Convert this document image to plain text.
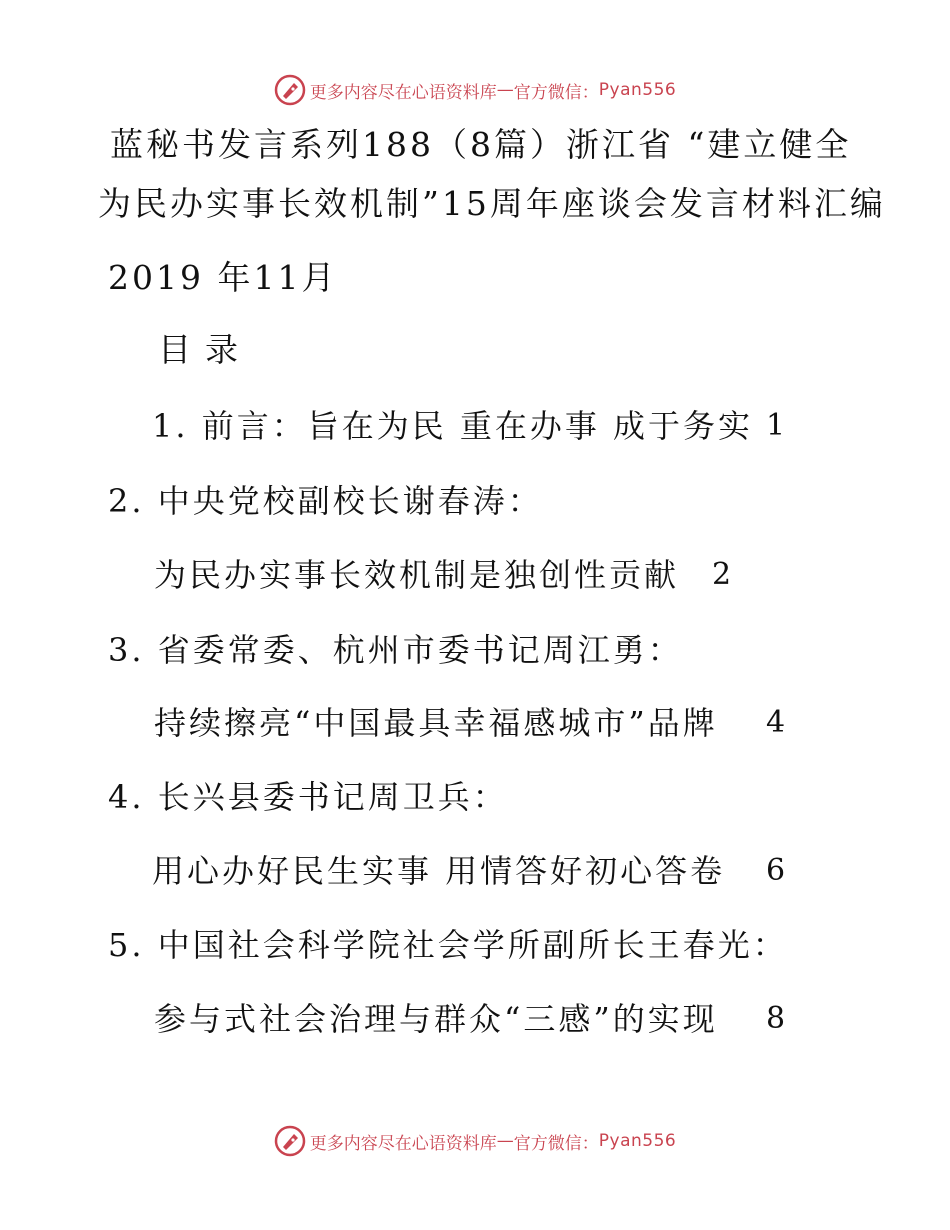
更多内容尽在心语资料库 — 官方微信： Pyan556
蓝秘书发言系列188（8篇）浙江省 “建立健全
为民办实事长效机制”15周年座谈会发言材料汇编
2019 年11月
目录
1. 前言：旨在为民 重在办事 成于务实 1
2. 中央党校副校长谢春涛：
为民办实事长效机制是独创性贡献 2
3. 省委常委、杭州市委书记周江勇：
持续擦亮“中国最具幸福感城市”品牌 4
4. 长兴县委书记周卫兵：
用心办好民生实事 用情答好初心答卷 6
5. 中国社会科学院社会学所副所长王春光：
参与式社会治理与群众“三感”的实现 8
更多内容尽在心语资料库 — 官方微信： Pyan556
